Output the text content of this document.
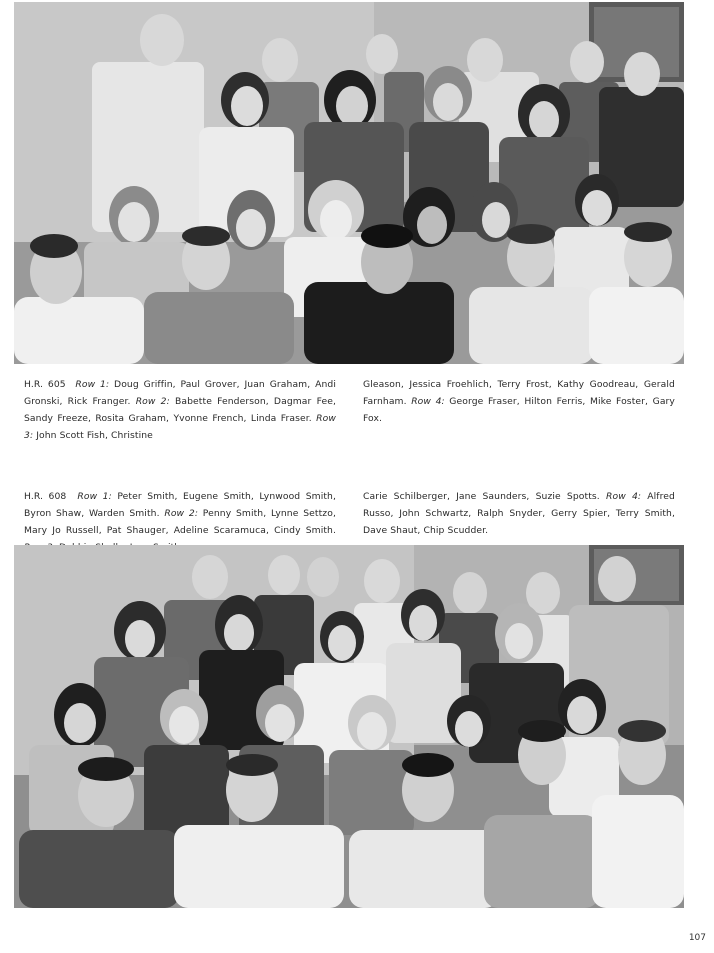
H.R. 605 Row 1: Doug Griffin, Paul Grover, Juan Graham, Andi Gronski, Rick Franger. Row 2: Babette Fenderson, Dagmar Fee, Sandy Freeze, Rosita Graham, Yvonne French, Linda Fraser. Row 3: John Scott Fish, Christine

Gleason, Jessica Froehlich, Terry Frost, Kathy Goodreau, Gerald Farnham. Row 4: George Fraser, Hilton Ferris, Mike Foster, Gary Fox.

H.R. 608 Row 1: Peter Smith, Eugene Smith, Lynwood Smith, Byron Shaw, Warden Smith. Row 2: Penny Smith, Lynne Settzo, Mary Jo Russell, Pat Shauger, Adeline Scaramuca, Cindy Smith.

Carie Schilberger, Jane Saunders, Suzie Spotts. Row 4: Alfred Russo, John Schwartz, Ralph Snyder, Gerry Spier, Terry Smith, Dave Shaut, Chip Scudder.

107
